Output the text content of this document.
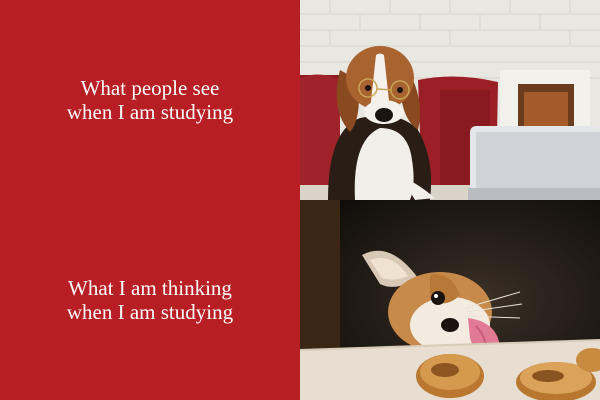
What people see
when I am studying

What I am thinking
when I am studying
